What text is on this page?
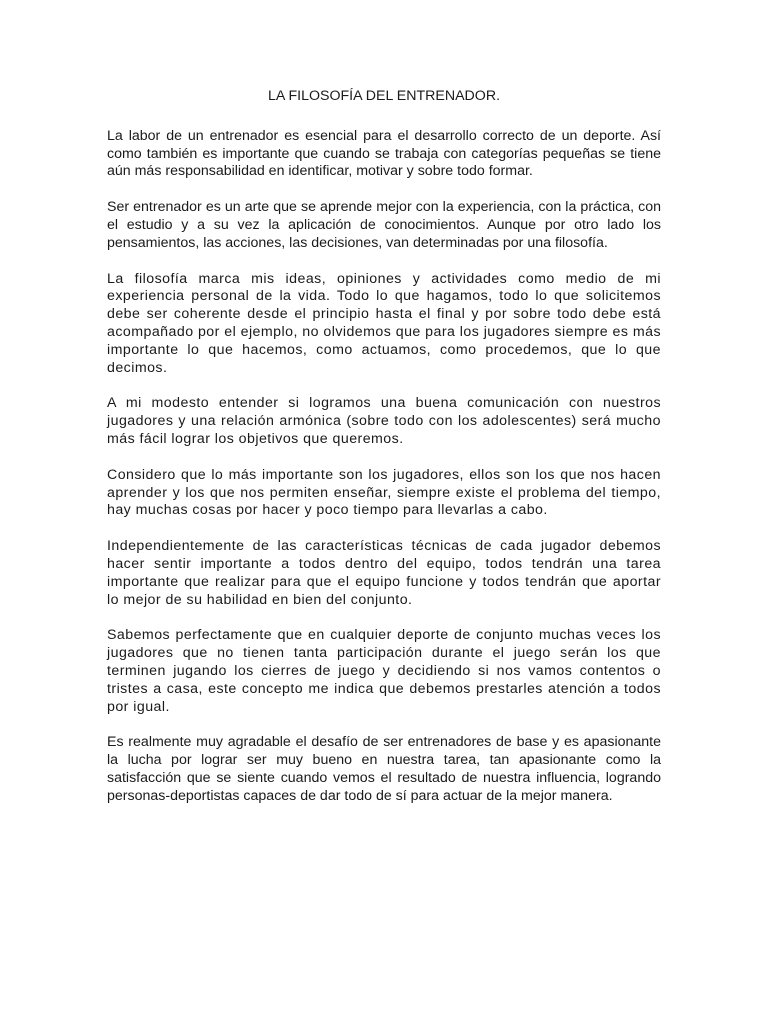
LA FILOSOFÍA DEL ENTRENADOR.

La labor de un entrenador es esencial para el desarrollo correcto de un deporte. Así como también es importante que cuando se trabaja con categorías pequeñas se tiene aún más responsabilidad en identificar, motivar y sobre todo formar.

Ser entrenador es un arte que se aprende mejor con la experiencia, con la práctica, con el estudio y a su vez la aplicación de conocimientos. Aunque por otro lado los pensamientos, las acciones, las decisiones, van determinadas por una filosofía.

La filosofía marca mis ideas, opiniones y actividades como medio de mi experiencia personal de la vida. Todo lo que hagamos, todo lo que solicitemos debe ser coherente desde el principio hasta el final y por sobre todo debe está acompañado por el ejemplo, no olvidemos que para los jugadores siempre es más importante lo que hacemos, como actuamos, como procedemos, que lo que decimos.

A mi modesto entender si logramos una buena comunicación con nuestros jugadores y una relación armónica (sobre todo con los adolescentes) será mucho más fácil lograr los objetivos que queremos.

Considero que lo más importante son los jugadores, ellos son los que nos hacen aprender y los que nos permiten enseñar, siempre existe el problema del tiempo, hay muchas cosas por hacer y poco tiempo para llevarlas a cabo.

Independientemente de las características técnicas de cada jugador debemos hacer sentir importante a todos dentro del equipo, todos tendrán una tarea importante que realizar para que el equipo funcione y todos tendrán que aportar lo mejor de su habilidad en bien del conjunto.

Sabemos perfectamente que en cualquier deporte de conjunto muchas veces los jugadores que no tienen tanta participación durante el juego serán los que terminen jugando los cierres de juego y decidiendo si nos vamos contentos o tristes a casa, este concepto me indica que debemos prestarles atención a todos por igual.

Es realmente muy agradable el desafío de ser entrenadores de base y es apasionante la lucha por lograr ser muy bueno en nuestra tarea, tan apasionante como la satisfacción que se siente cuando vemos el resultado de nuestra influencia, logrando personas-deportistas capaces de dar todo de sí para actuar de la mejor manera.
